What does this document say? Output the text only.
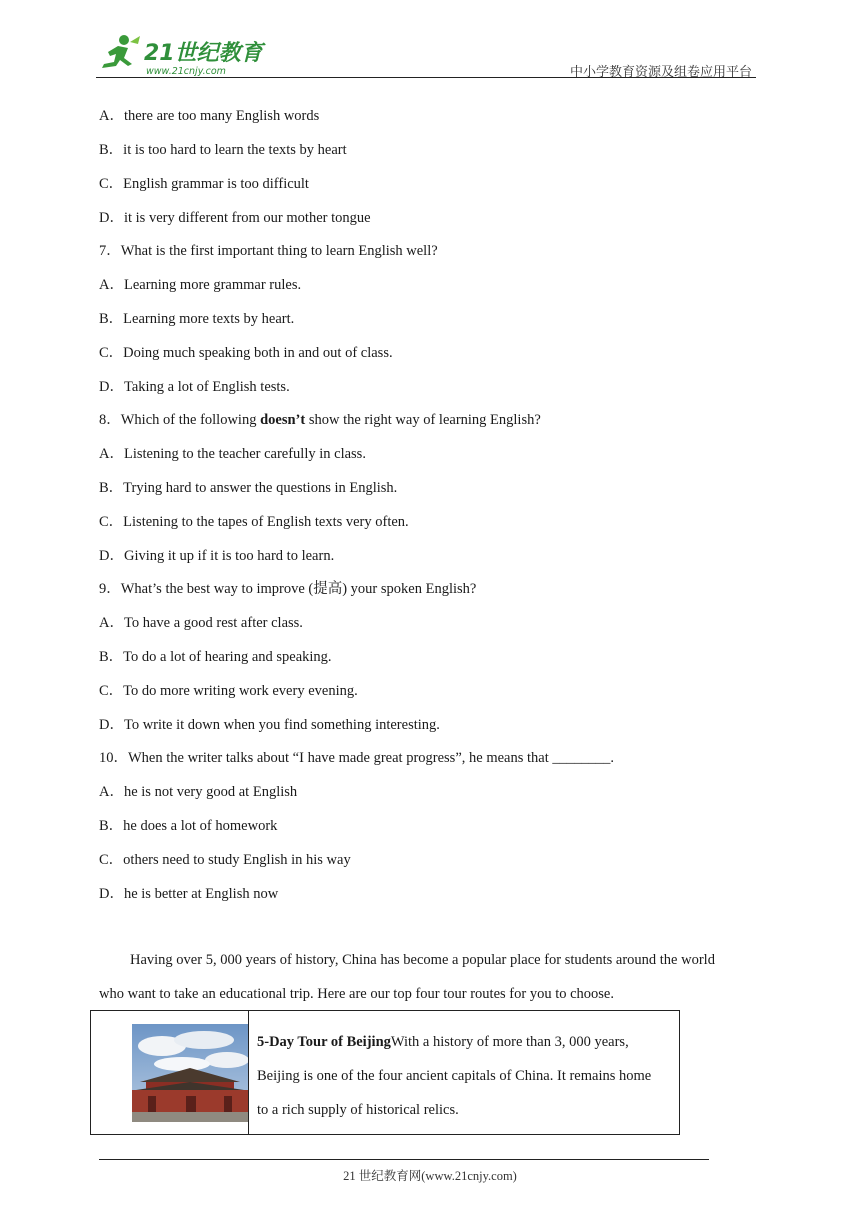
21世纪教育
www.21cnjy.com	中小学教育资源及组卷应用平台
A．there are too many English words
B．it is too hard to learn the texts by heart
C．English grammar is too difficult
D．it is very different from our mother tongue
7．What is the first important thing to learn English well?
A．Learning more grammar rules.
B．Learning more texts by heart.
C．Doing much speaking both in and out of class.
D．Taking a lot of English tests.
8．Which of the following doesn’t show the right way of learning English?
A．Listening to the teacher carefully in class.
B．Trying hard to answer the questions in English.
C．Listening to the tapes of English texts very often.
D．Giving it up if it is too hard to learn.
9．What’s the best way to improve (提高) your spoken English?
A．To have a good rest after class.
B．To do a lot of hearing and speaking.
C．To do more writing work every evening.
D．To write it down when you find something interesting.
10．When the writer talks about “I have made great progress”, he means that ________.
A．he is not very good at English
B．he does a lot of homework
C．others need to study English in his way
D．he is better at English now
Having over 5, 000 years of history, China has become a popular place for students around the world
who want to take an educational trip. Here are our top four tour routes for you to choose.
5-Day Tour of BeijingWith a history of more than 3, 000 years,
Beijing is one of the four ancient capitals of China. It remains home
to a rich supply of historical relics.
21 世纪教育网(www.21cnjy.com)
